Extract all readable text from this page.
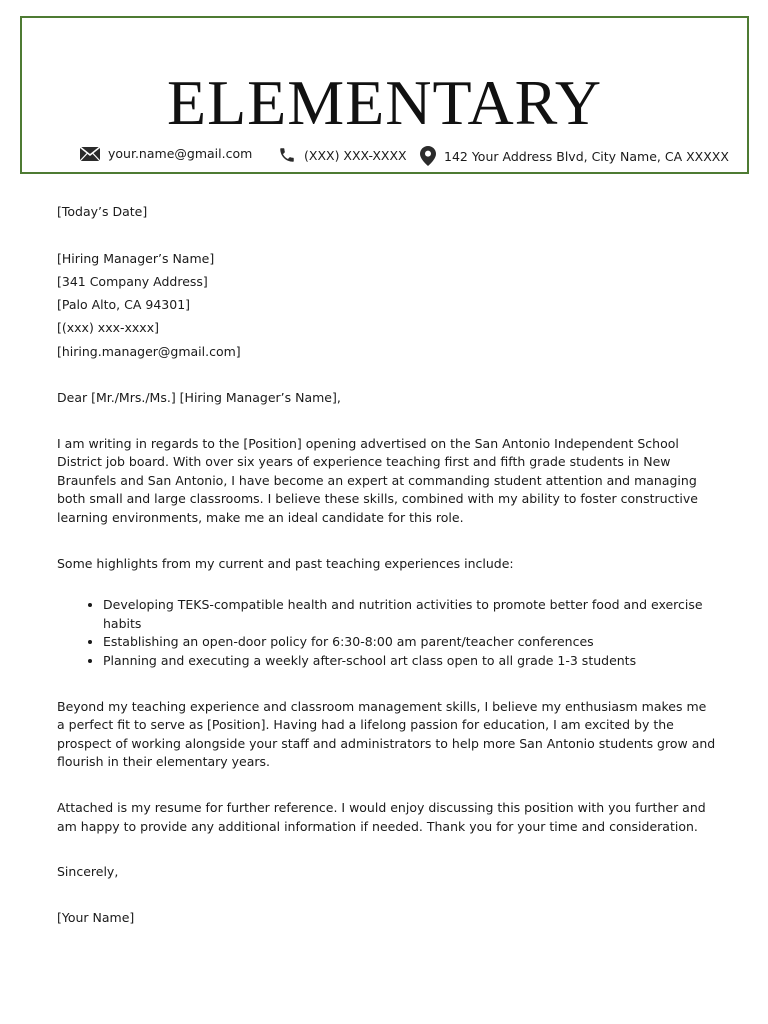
ELEMENTARY
your.name@gmail.com	(XXX) XXX-XXXX	142 Your Address Blvd, City Name, CA XXXXX

[Today’s Date]

[Hiring Manager’s Name]

[341 Company Address]

[Palo Alto, CA 94301]

[(xxx) xxx-xxxx]

[hiring.manager@gmail.com]

Dear [Mr./Mrs./Ms.] [Hiring Manager’s Name],

I am writing in regards to the [Position] opening advertised on the San Antonio Independent School District job board. With over six years of experience teaching first and fifth grade students in New Braunfels and San Antonio, I have become an expert at commanding student attention and managing both small and large classrooms. I believe these skills, combined with my ability to foster constructive learning environments, make me an ideal candidate for this role.

Some highlights from my current and past teaching experiences include:

• Developing TEKS-compatible health and nutrition activities to promote better food and exercise habits
• Establishing an open-door policy for 6:30-8:00 am parent/teacher conferences
• Planning and executing a weekly after-school art class open to all grade 1-3 students

Beyond my teaching experience and classroom management skills, I believe my enthusiasm makes me a perfect fit to serve as [Position]. Having had a lifelong passion for education, I am excited by the prospect of working alongside your staff and administrators to help more San Antonio students grow and flourish in their elementary years.

Attached is my resume for further reference. I would enjoy discussing this position with you further and am happy to provide any additional information if needed. Thank you for your time and consideration.

Sincerely,

[Your Name]
